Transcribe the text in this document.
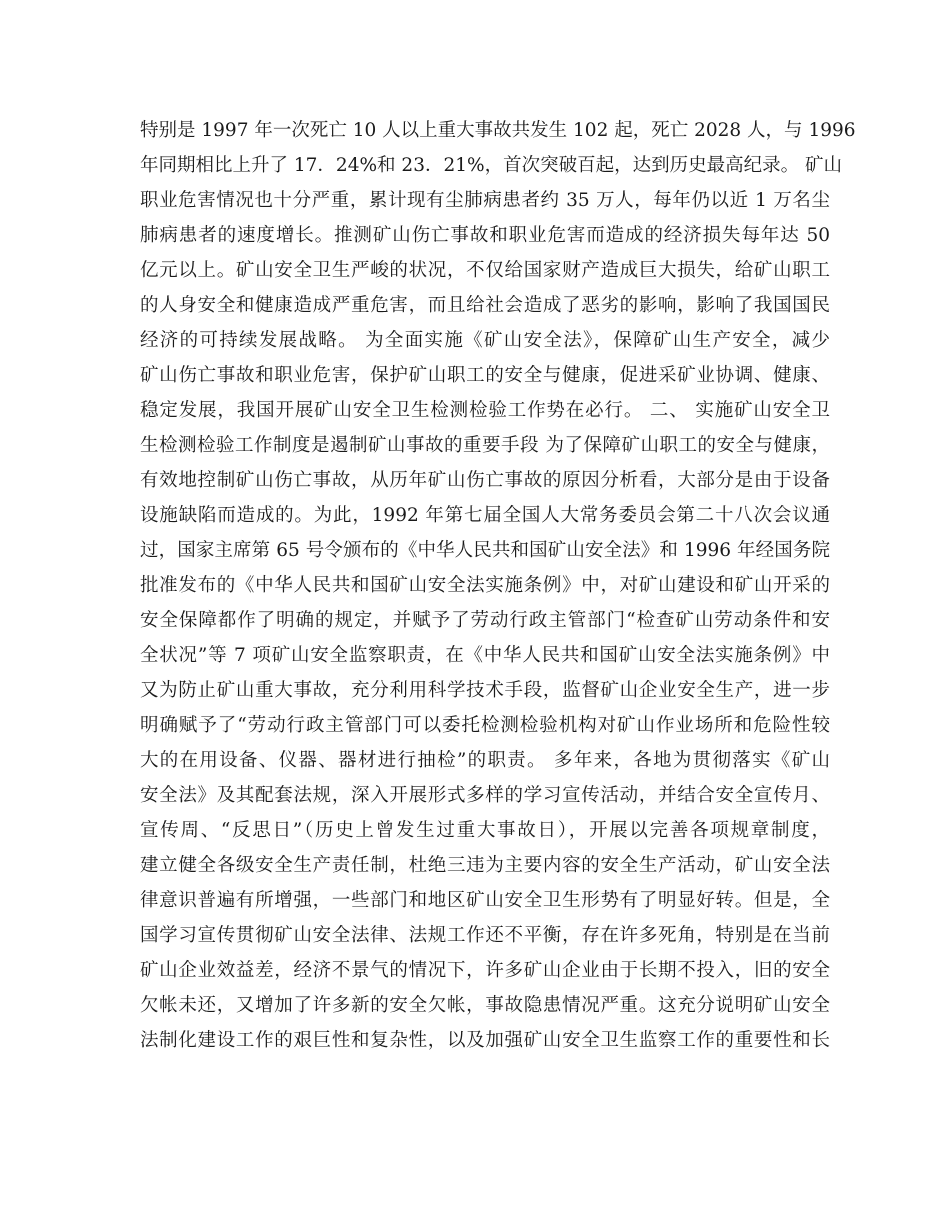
特别是 1997 年一次死亡 10 人以上重大事故共发生 102 起，死亡 2028 人，与 1996
年同期相比上升了 17．24%和 23．21%，首次突破百起，达到历史最高纪录。 矿山
职业危害情况也十分严重，累计现有尘肺病患者约 35 万人，每年仍以近 1 万名尘
肺病患者的速度增长。推测矿山伤亡事故和职业危害而造成的经济损失每年达 50
亿元以上。矿山安全卫生严峻的状况，不仅给国家财产造成巨大损失，给矿山职工
的人身安全和健康造成严重危害，而且给社会造成了恶劣的影响，影响了我国国民
经济的可持续发展战略。 为全面实施《矿山安全法》，保障矿山生产安全，减少
矿山伤亡事故和职业危害，保护矿山职工的安全与健康，促进采矿业协调、健康、
稳定发展，我国开展矿山安全卫生检测检验工作势在必行。 二、 实施矿山安全卫
生检测检验工作制度是遏制矿山事故的重要手段 为了保障矿山职工的安全与健康，
有效地控制矿山伤亡事故，从历年矿山伤亡事故的原因分析看，大部分是由于设备
设施缺陷而造成的。为此，1992 年第七届全国人大常务委员会第二十八次会议通
过，国家主席第 65 号令颁布的《中华人民共和国矿山安全法》和 1996 年经国务院
批准发布的《中华人民共和国矿山安全法实施条例》中，对矿山建设和矿山开采的
安全保障都作了明确的规定，并赋予了劳动行政主管部门“检查矿山劳动条件和安
全状况”等 7 项矿山安全监察职责，在《中华人民共和国矿山安全法实施条例》中
又为防止矿山重大事故，充分利用科学技术手段，监督矿山企业安全生产，进一步
明确赋予了“劳动行政主管部门可以委托检测检验机构对矿山作业场所和危险性较
大的在用设备、仪器、器材进行抽检”的职责。 多年来，各地为贯彻落实《矿山
安全法》及其配套法规，深入开展形式多样的学习宣传活动，并结合安全宣传月、
宣传周、“反思日”（历史上曾发生过重大事故日），开展以完善各项规章制度，
建立健全各级安全生产责任制，杜绝三违为主要内容的安全生产活动，矿山安全法
律意识普遍有所增强，一些部门和地区矿山安全卫生形势有了明显好转。但是，全
国学习宣传贯彻矿山安全法律、法规工作还不平衡，存在许多死角，特别是在当前
矿山企业效益差，经济不景气的情况下，许多矿山企业由于长期不投入，旧的安全
欠帐未还，又增加了许多新的安全欠帐，事故隐患情况严重。这充分说明矿山安全
法制化建设工作的艰巨性和复杂性，以及加强矿山安全卫生监察工作的重要性和长
